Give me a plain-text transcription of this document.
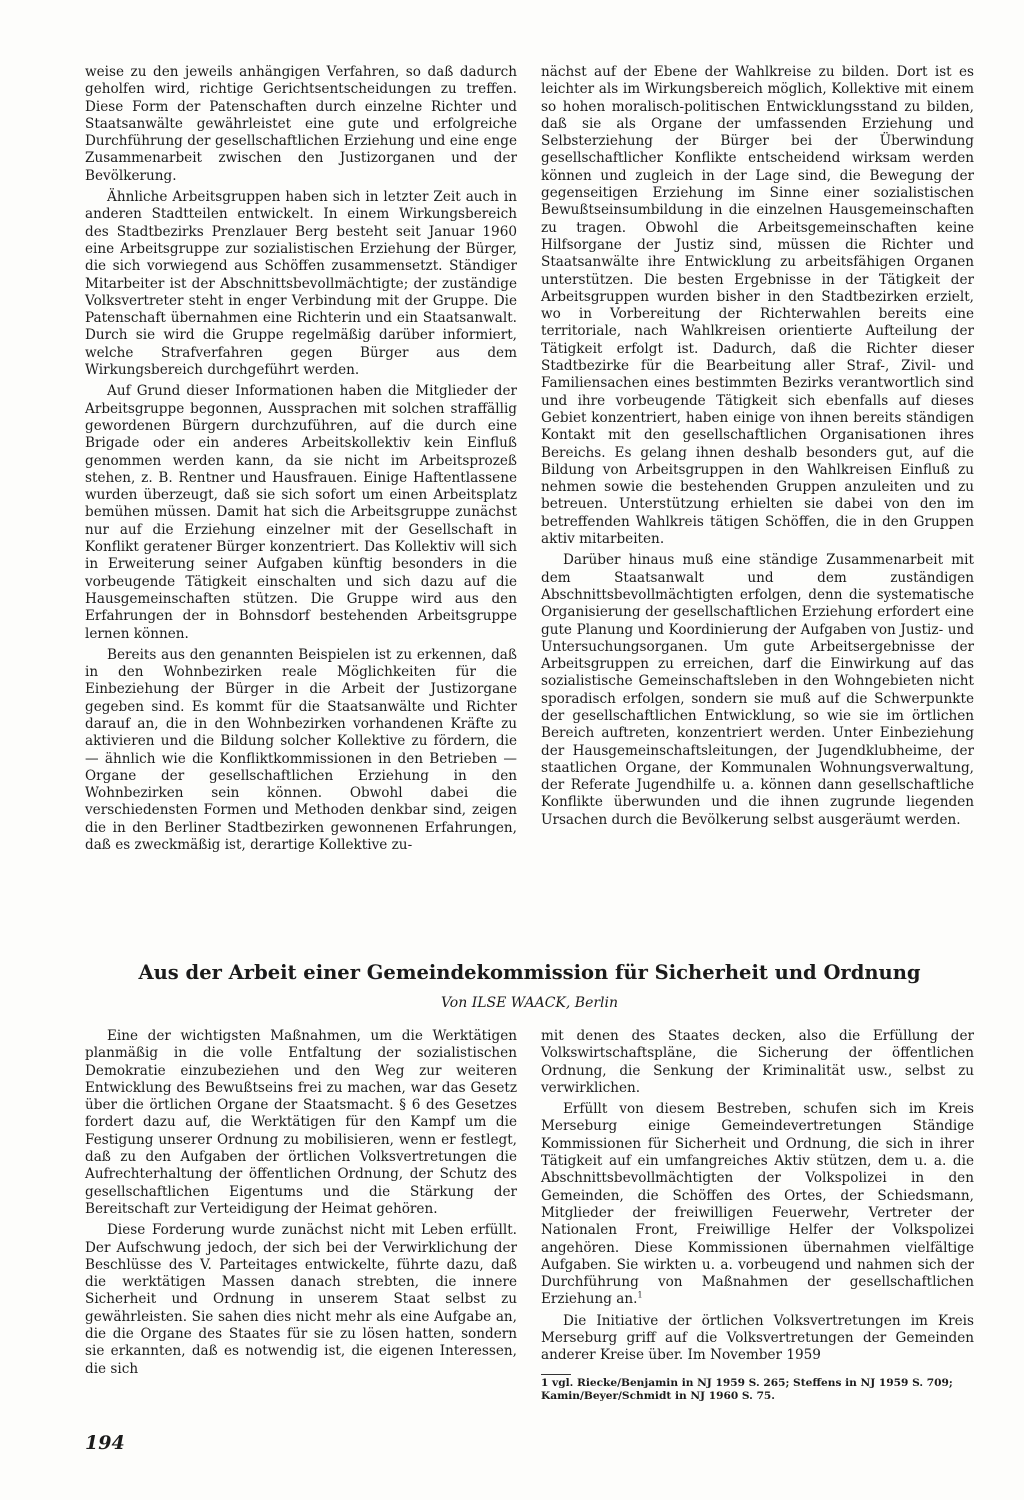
weise zu den jeweils anhängigen Verfahren, so daß dadurch geholfen wird, richtige Gerichtsentscheidungen zu treffen. Diese Form der Patenschaften durch einzelne Richter und Staatsanwälte gewährleistet eine gute und erfolgreiche Durchführung der gesellschaftlichen Erziehung und eine enge Zusammenarbeit zwischen den Justizorganen und der Bevölkerung.

Ähnliche Arbeitsgruppen haben sich in letzter Zeit auch in anderen Stadtteilen entwickelt. In einem Wirkungsbereich des Stadtbezirks Prenzlauer Berg besteht seit Januar 1960 eine Arbeitsgruppe zur sozialistischen Erziehung der Bürger, die sich vorwiegend aus Schöffen zusammensetzt. Ständiger Mitarbeiter ist der Abschnittsbevollmächtigte; der zuständige Volksvertreter steht in enger Verbindung mit der Gruppe. Die Patenschaft übernahmen eine Richterin und ein Staatsanwalt. Durch sie wird die Gruppe regelmäßig darüber informiert, welche Strafverfahren gegen Bürger aus dem Wirkungsbereich durchgeführt werden.

Auf Grund dieser Informationen haben die Mitglieder der Arbeitsgruppe begonnen, Aussprachen mit solchen straffällig gewordenen Bürgern durchzuführen, auf die durch eine Brigade oder ein anderes Arbeitskollektiv kein Einfluß genommen werden kann, da sie nicht im Arbeitsprozeß stehen, z. B. Rentner und Hausfrauen. Einige Haftentlassene wurden überzeugt, daß sie sich sofort um einen Arbeitsplatz bemühen müssen. Damit hat sich die Arbeitsgruppe zunächst nur auf die Erziehung einzelner mit der Gesellschaft in Konflikt geratener Bürger konzentriert. Das Kollektiv will sich in Erweiterung seiner Aufgaben künftig besonders in die vorbeugende Tätigkeit einschalten und sich dazu auf die Hausgemeinschaften stützen. Die Gruppe wird aus den Erfahrungen der in Bohnsdorf bestehenden Arbeitsgruppe lernen können.

Bereits aus den genannten Beispielen ist zu erkennen, daß in den Wohnbezirken reale Möglichkeiten für die Einbeziehung der Bürger in die Arbeit der Justizorgane gegeben sind. Es kommt für die Staatsanwälte und Richter darauf an, die in den Wohnbezirken vorhandenen Kräfte zu aktivieren und die Bildung solcher Kollektive zu fördern, die — ähnlich wie die Konfliktkommissionen in den Betrieben — Organe der gesellschaftlichen Erziehung in den Wohnbezirken sein können. Obwohl dabei die verschiedensten Formen und Methoden denkbar sind, zeigen die in den Berliner Stadtbezirken gewonnenen Erfahrungen, daß es zweckmäßig ist, derartige Kollektive zu-

nächst auf der Ebene der Wahlkreise zu bilden. Dort ist es leichter als im Wirkungsbereich möglich, Kollektive mit einem so hohen moralisch-politischen Entwicklungsstand zu bilden, daß sie als Organe der umfassenden Erziehung und Selbsterziehung der Bürger bei der Überwindung gesellschaftlicher Konflikte entscheidend wirksam werden können und zugleich in der Lage sind, die Bewegung der gegenseitigen Erziehung im Sinne einer sozialistischen Bewußtseinsumbildung in die einzelnen Hausgemeinschaften zu tragen. Obwohl die Arbeitsgemeinschaften keine Hilfsorgane der Justiz sind, müssen die Richter und Staatsanwälte ihre Entwicklung zu arbeitsfähigen Organen unterstützen. Die besten Ergebnisse in der Tätigkeit der Arbeitsgruppen wurden bisher in den Stadtbezirken erzielt, wo in Vorbereitung der Richterwahlen bereits eine territoriale, nach Wahlkreisen orientierte Aufteilung der Tätigkeit erfolgt ist. Dadurch, daß die Richter dieser Stadtbezirke für die Bearbeitung aller Straf-, Zivil- und Familiensachen eines bestimmten Bezirks verantwortlich sind und ihre vorbeugende Tätigkeit sich ebenfalls auf dieses Gebiet konzentriert, haben einige von ihnen bereits ständigen Kontakt mit den gesellschaftlichen Organisationen ihres Bereichs. Es gelang ihnen deshalb besonders gut, auf die Bildung von Arbeitsgruppen in den Wahlkreisen Einfluß zu nehmen sowie die bestehenden Gruppen anzuleiten und zu betreuen. Unterstützung erhielten sie dabei von den im betreffenden Wahlkreis tätigen Schöffen, die in den Gruppen aktiv mitarbeiten.

Darüber hinaus muß eine ständige Zusammenarbeit mit dem Staatsanwalt und dem zuständigen Abschnittsbevollmächtigten erfolgen, denn die systematische Organisierung der gesellschaftlichen Erziehung erfordert eine gute Planung und Koordinierung der Aufgaben von Justiz- und Untersuchungsorganen. Um gute Arbeitsergebnisse der Arbeitsgruppen zu erreichen, darf die Einwirkung auf das sozialistische Gemeinschaftsleben in den Wohngebieten nicht sporadisch erfolgen, sondern sie muß auf die Schwerpunkte der gesellschaftlichen Entwicklung, so wie sie im örtlichen Bereich auftreten, konzentriert werden. Unter Einbeziehung der Hausgemeinschaftsleitungen, der Jugendklubheime, der staatlichen Organe, der Kommunalen Wohnungsverwaltung, der Referate Jugendhilfe u. a. können dann gesellschaftliche Konflikte überwunden und die ihnen zugrunde liegenden Ursachen durch die Bevölkerung selbst ausgeräumt werden.

Aus der Arbeit einer Gemeindekommission für Sicherheit und Ordnung

Von ILSE WAACK, Berlin

Eine der wichtigsten Maßnahmen, um die Werktätigen planmäßig in die volle Entfaltung der sozialistischen Demokratie einzubeziehen und den Weg zur weiteren Entwicklung des Bewußtseins frei zu machen, war das Gesetz über die örtlichen Organe der Staatsmacht. § 6 des Gesetzes fordert dazu auf, die Werktätigen für den Kampf um die Festigung unserer Ordnung zu mobilisieren, wenn er festlegt, daß zu den Aufgaben der örtlichen Volksvertretungen die Aufrechterhaltung der öffentlichen Ordnung, der Schutz des gesellschaftlichen Eigentums und die Stärkung der Bereitschaft zur Verteidigung der Heimat gehören.

Diese Forderung wurde zunächst nicht mit Leben erfüllt. Der Aufschwung jedoch, der sich bei der Verwirklichung der Beschlüsse des V. Parteitages entwickelte, führte dazu, daß die werktätigen Massen danach strebten, die innere Sicherheit und Ordnung in unserem Staat selbst zu gewährleisten. Sie sahen dies nicht mehr als eine Aufgabe an, die die Organe des Staates für sie zu lösen hatten, sondern sie erkannten, daß es notwendig ist, die eigenen Interessen, die sich

mit denen des Staates decken, also die Erfüllung der Volkswirtschaftspläne, die Sicherung der öffentlichen Ordnung, die Senkung der Kriminalität usw., selbst zu verwirklichen.

Erfüllt von diesem Bestreben, schufen sich im Kreis Merseburg einige Gemeindevertretungen Ständige Kommissionen für Sicherheit und Ordnung, die sich in ihrer Tätigkeit auf ein umfangreiches Aktiv stützen, dem u. a. die Abschnittsbevollmächtigten der Volkspolizei in den Gemeinden, die Schöffen des Ortes, der Schiedsmann, Mitglieder der freiwilligen Feuerwehr, Vertreter der Nationalen Front, Freiwillige Helfer der Volkspolizei angehören. Diese Kommissionen übernahmen vielfältige Aufgaben. Sie wirkten u. a. vorbeugend und nahmen sich der Durchführung von Maßnahmen der gesellschaftlichen Erziehung an.$^1$

Die Initiative der örtlichen Volksvertretungen im Kreis Merseburg griff auf die Volksvertretungen der Gemeinden anderer Kreise über. Im November 1959

1 vgl. Riecke/Benjamin in NJ 1959 S. 265; Steffens in NJ 1959 S. 709; Kamin/Beyer/Schmidt in NJ 1960 S. 75.

194
